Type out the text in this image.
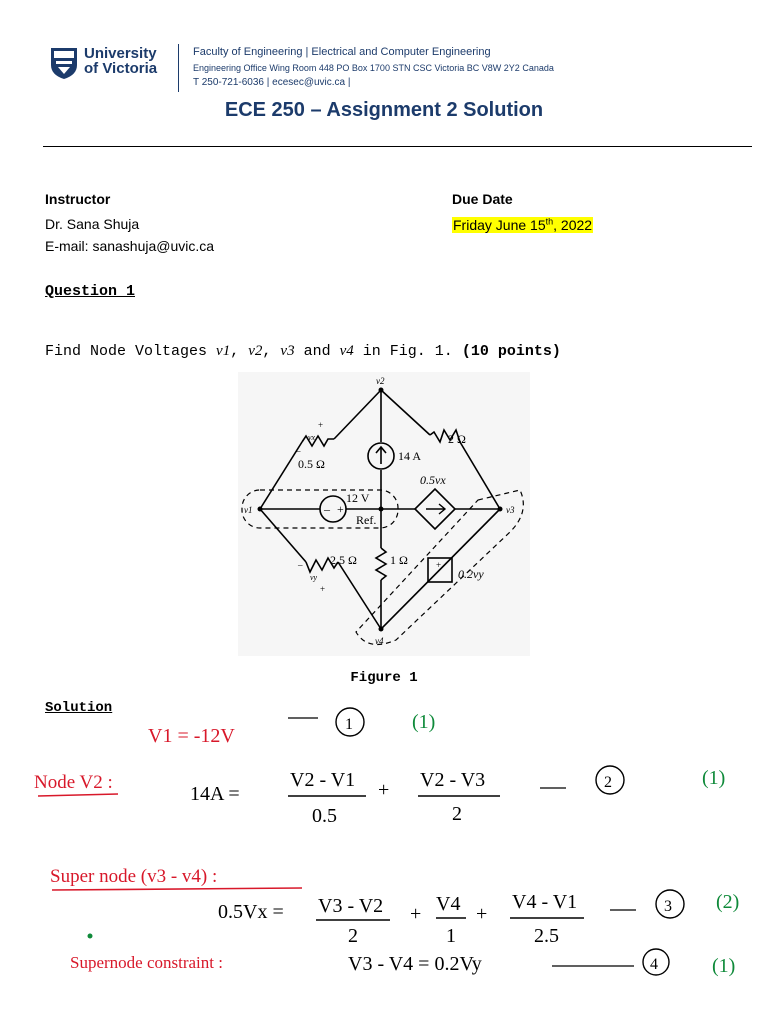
University
of Victoria
Faculty of Engineering | Electrical and Computer Engineering
Engineering Office Wing Room 448 PO Box 1700 STN CSC Victoria BC V8W 2Y2 Canada
T 250-721-6036 | ecesec@uvic.ca |
ECE 250 – Assignment 2 Solution
Instructor
Dr. Sana Shuja
E-mail: sanashuja@uvic.ca
Due Date
Friday June 15th, 2022
Question 1
Find Node Voltages v1, v2, v3 and v4 in Fig. 1. (10 points)
– +
+
v2
v1	v3
v4
0.5 Ω
2 Ω
2.5 Ω	1 Ω
14 A
12 V
Ref.
0.5vx
0.2vy
vx
+
–
vy
–
+
Figure 1
Solution
V1 = -12V
Node V2 :
Super node (v3 - v4) :
Supernode constraint :
1
14A =
V2 - V1
0.5
+ V2 - V3
2
2
0.5Vx = V3 - V2
2
+ V4
1
+
V4 - V1
2.5
3
V3 - V4 = 0.2Vy	4
(1)
(1)
(2)
(1)
